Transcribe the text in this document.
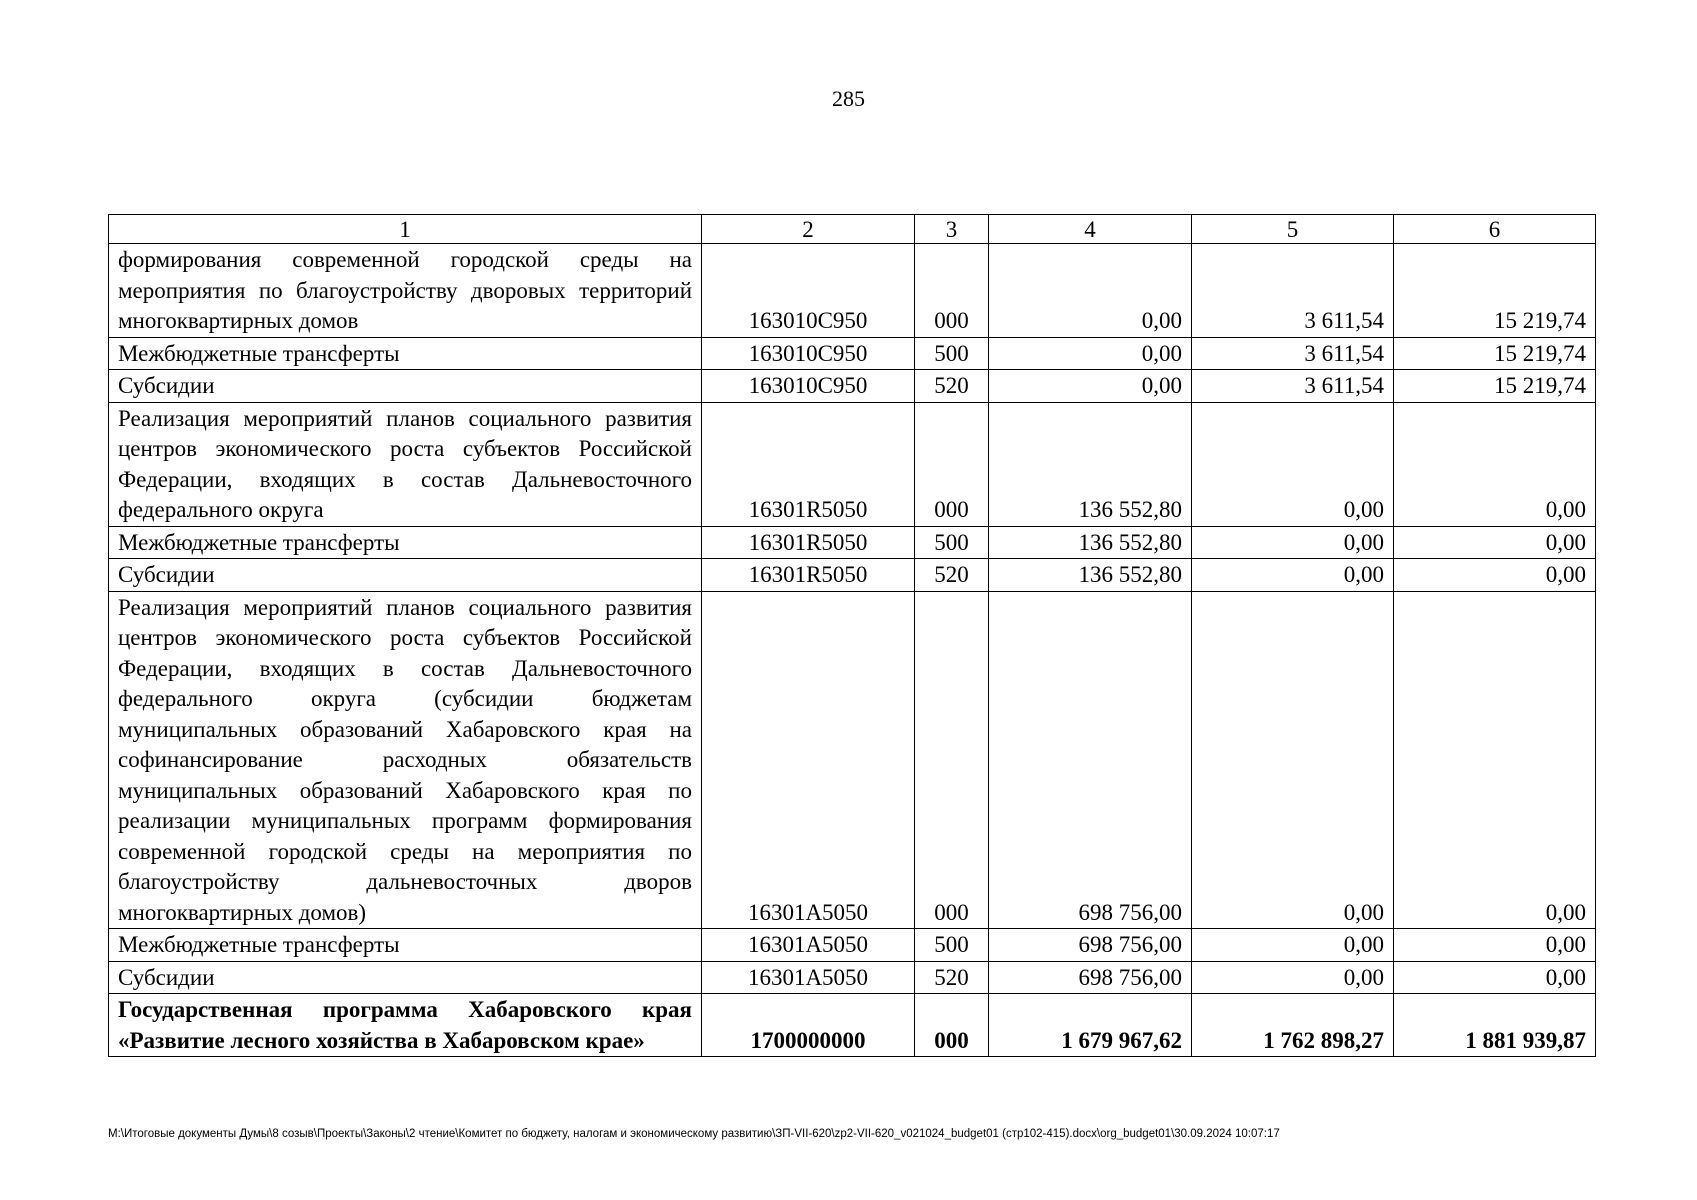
285
1	2	3	4	5	6
формирования современной городской среды на мероприятия по благоустройству дворовых территорий многоквартирных домов	163010C950	000	0,00	3 611,54	15 219,74
Межбюджетные трансферты	163010C950	500	0,00	3 611,54	15 219,74
Субсидии	163010C950	520	0,00	3 611,54	15 219,74
Реализация мероприятий планов социального развития центров экономического роста субъектов Российской Федерации, входящих в состав Дальневосточного федерального округа	16301R5050	000	136 552,80	0,00	0,00
Межбюджетные трансферты	16301R5050	500	136 552,80	0,00	0,00
Субсидии	16301R5050	520	136 552,80	0,00	0,00
Реализация мероприятий планов социального развития центров экономического роста субъектов Российской Федерации, входящих в состав Дальневосточного федерального округа (субсидии бюджетам муниципальных образований Хабаровского края на софинансирование расходных обязательств муниципальных образований Хабаровского края по реализации муниципальных программ формирования современной городской среды на мероприятия по благоустройству дальневосточных дворов многоквартирных домов)	16301A5050	000	698 756,00	0,00	0,00
Межбюджетные трансферты	16301A5050	500	698 756,00	0,00	0,00
Субсидии	16301A5050	520	698 756,00	0,00	0,00
Государственная программа Хабаровского края «Развитие лесного хозяйства в Хабаровском крае»	1700000000	000	1 679 967,62	1 762 898,27	1 881 939,87
M:\Итоговые документы Думы\8 созыв\Проекты\Законы\2 чтение\Комитет по бюджету, налогам и экономическому развитию\ЗП-VII-620\zp2-VII-620_v021024_budget01 (стр102-415).docx\org_budget01\30.09.2024 10:07:17
